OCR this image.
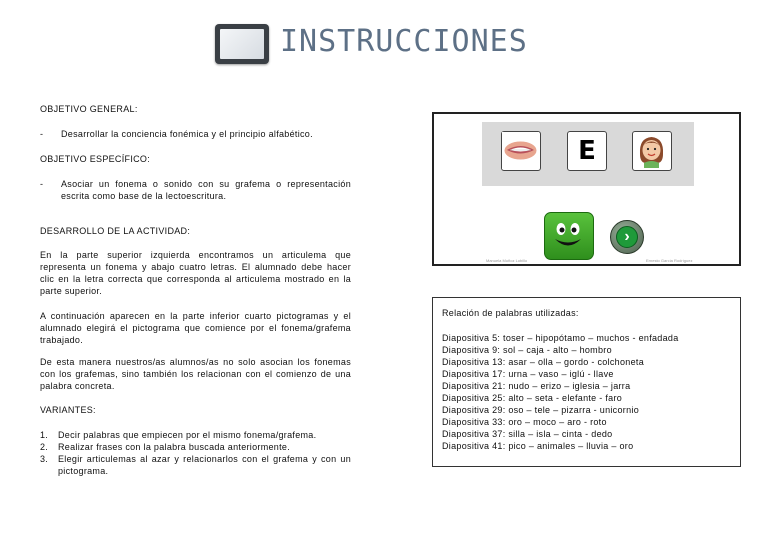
INSTRUCCIONES
OBJETIVO GENERAL:
- Desarrollar la conciencia fonémica y el principio alfabético.
OBJETIVO ESPECÍFICO:
- Asociar un fonema o sonido con su grafema o representación
escrita como base de la lectoescritura.
DESARROLLO DE LA ACTIVIDAD:
En la parte superior izquierda encontramos un articulema que
representa un fonema y abajo cuatro letras. El alumnado debe hacer
clic en la letra correcta que corresponda al articulema mostrado en la
parte superior.
A continuación aparecen en la parte inferior cuarto pictogramas y el
alumnado elegirá el pictograma que comience por el fonema/grafema
trabajado.
De esta manera nuestros/as alumnos/as no solo asocian los fonemas
con los grafemas, sino también los relacionan con el comienzo de una
palabra concreta.
VARIANTES:
1.	Decir palabras que empiecen por el mismo fonema/grafema.
2.	Realizar frases con la palabra buscada anteriormente.
3.	Elegir articulemas al azar y relacionarlos con el grafema y con un
pictograma.
E
›
Manuela Muñoz Lobillo	Ernesto García Rodríguez
Relación de palabras utilizadas:
Diapositiva 5: toser – hipopótamo – muchos - enfadada
Diapositiva 9: sol – caja - alto – hombro
Diapositiva 13: asar – olla – gordo - colchoneta
Diapositiva 17: urna – vaso – iglú - llave
Diapositiva 21: nudo – erizo – iglesia – jarra
Diapositiva 25: alto – seta - elefante - faro
Diapositiva 29: oso – tele – pizarra - unicornio
Diapositiva 33: oro – moco – aro - roto
Diapositiva 37: silla – isla – cinta - dedo
Diapositiva 41: pico – animales – lluvia – oro
